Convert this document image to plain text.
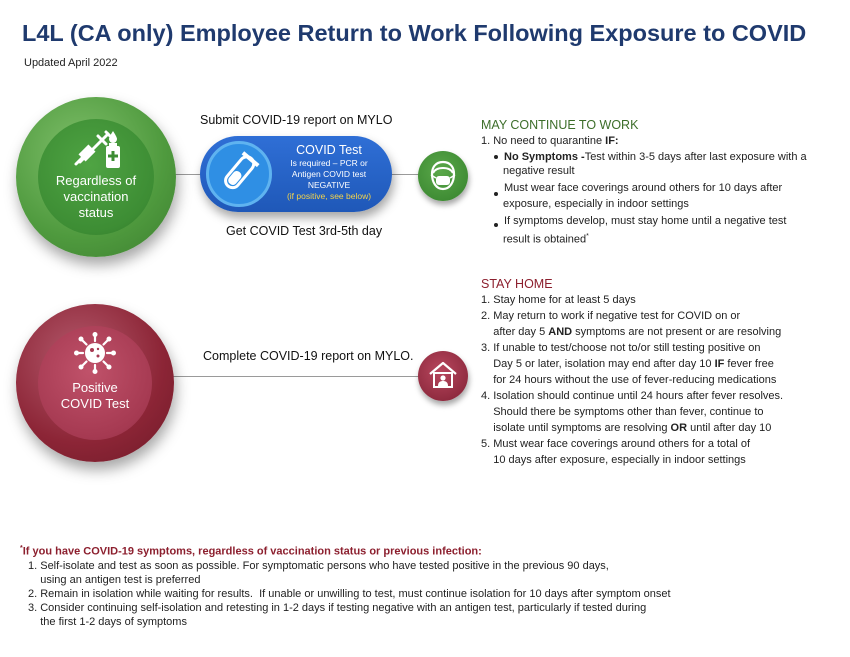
L4L (CA only) Employee Return to Work Following Exposure to COVID
Updated April 2022
Regardless of
vaccination
status
Submit COVID-19 report on MYLO
COVID Test
Is required – PCR or
Antigen COVID test
NEGATIVE
(if positive, see below)
Get COVID Test 3rd-5th day
MAY CONTINUE TO WORK
1. No need to quarantine IF:
No Symptoms -Test within 3-5 days after last exposure with a
negative result
Must wear face coverings around others for 10 days after
exposure, especially in indoor settings
If symptoms develop, must stay home until a negative test
result is obtained*
Positive
COVID Test
Complete COVID-19 report on MYLO.
STAY HOME
1. Stay home for at least 5 days
2. May return to work if negative test for COVID on or
after day 5 AND symptoms are not present or are resolving
3. If unable to test/choose not to/or still testing positive on
Day 5 or later, isolation may end after day 10 IF fever free
for 24 hours without the use of fever-reducing medications
4. Isolation should continue until 24 hours after fever resolves.
Should there be symptoms other than fever, continue to
isolate until symptoms are resolving OR until after day 10
5. Must wear face coverings around others for a total of
10 days after exposure, especially in indoor settings
*If you have COVID-19 symptoms, regardless of vaccination status or previous infection:
1. Self-isolate and test as soon as possible. For symptomatic persons who have tested positive in the previous 90 days,
using an antigen test is preferred
2. Remain in isolation while waiting for results.  If unable or unwilling to test, must continue isolation for 10 days after symptom onset
3. Consider continuing self-isolation and retesting in 1-2 days if testing negative with an antigen test, particularly if tested during
the first 1-2 days of symptoms
